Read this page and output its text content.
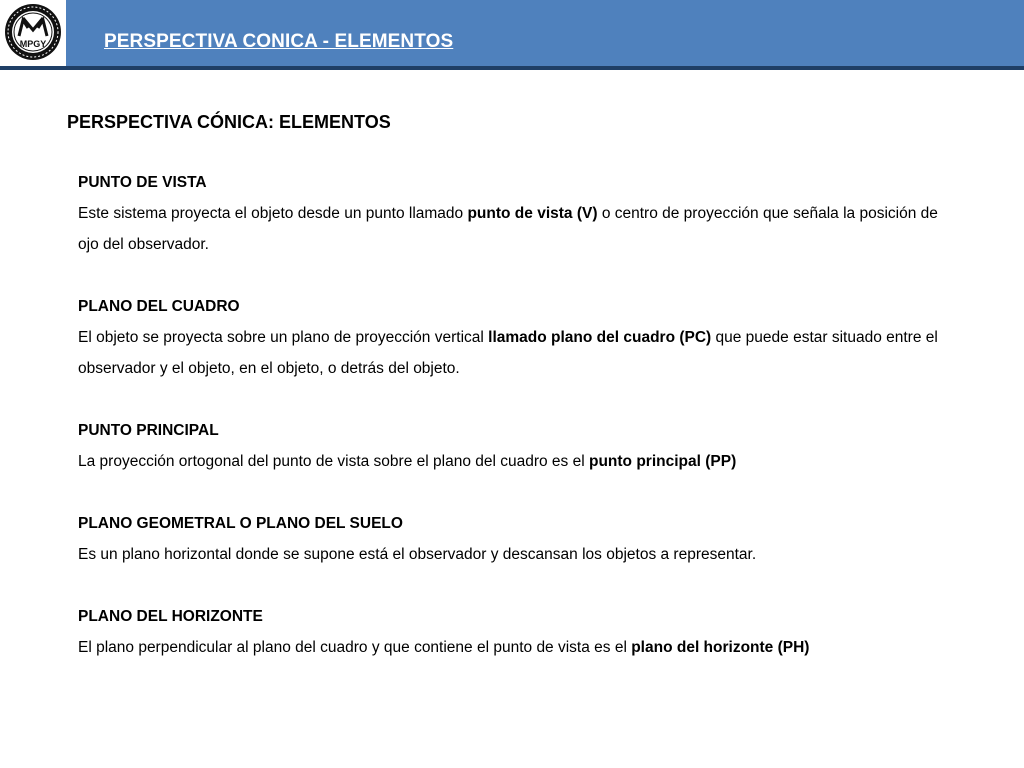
MPGY	PERSPECTIVA CONICA - ELEMENTOS
PERSPECTIVA CÓNICA: ELEMENTOS
PUNTO DE VISTA
Este sistema proyecta el objeto desde un punto llamado punto de vista (V) o centro de proyección que señala la posición de ojo del observador.
PLANO DEL CUADRO
El objeto se proyecta sobre un plano de proyección vertical llamado plano del cuadro (PC) que puede estar situado entre el observador y el objeto, en el objeto, o detrás del objeto.
PUNTO PRINCIPAL
La proyección ortogonal del punto de vista sobre el plano del cuadro es el punto principal (PP)
PLANO GEOMETRAL O PLANO DEL SUELO
Es un plano horizontal donde se supone está el observador y descansan los objetos a representar.
PLANO DEL HORIZONTE
El plano perpendicular al plano del cuadro y que contiene el punto de vista es el plano del horizonte (PH)
